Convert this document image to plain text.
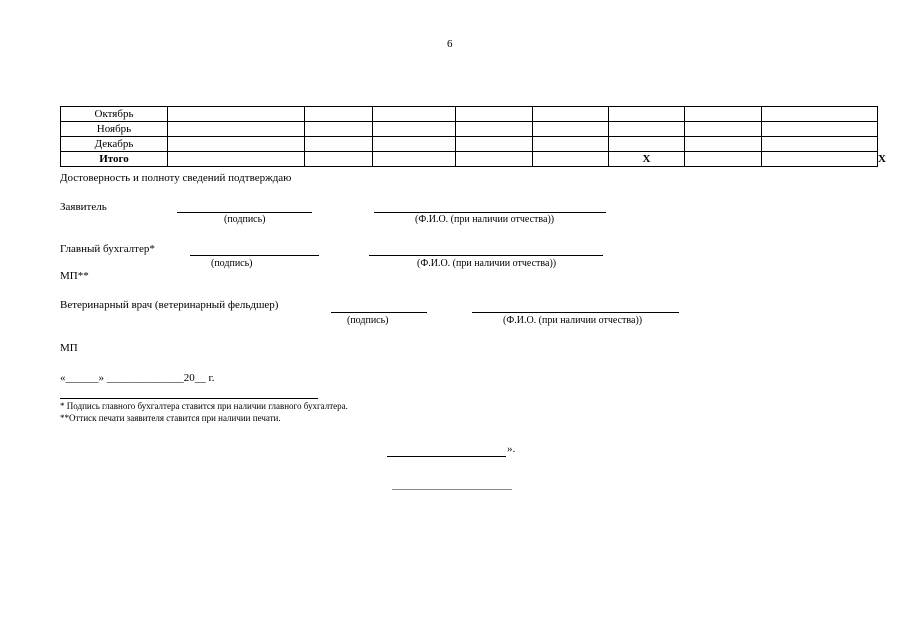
6
Октябрь									
Ноябрь									
Декабрь									
Итого						X			X
Достоверность и полноту сведений подтверждаю
Заявитель
(подпись)	(Ф.И.О. (при наличии отчества))
Главный бухгалтер*
(подпись)	(Ф.И.О. (при наличии отчества))
МП**
Ветеринарный врач (ветеринарный фельдшер)
(подпись)	(Ф.И.О. (при наличии отчества))
МП
«______» ______________20__ г.
* Подпись главного бухгалтера ставится при наличии главного бухгалтера.
**Оттиск печати заявителя ставится при наличии печати.
».
